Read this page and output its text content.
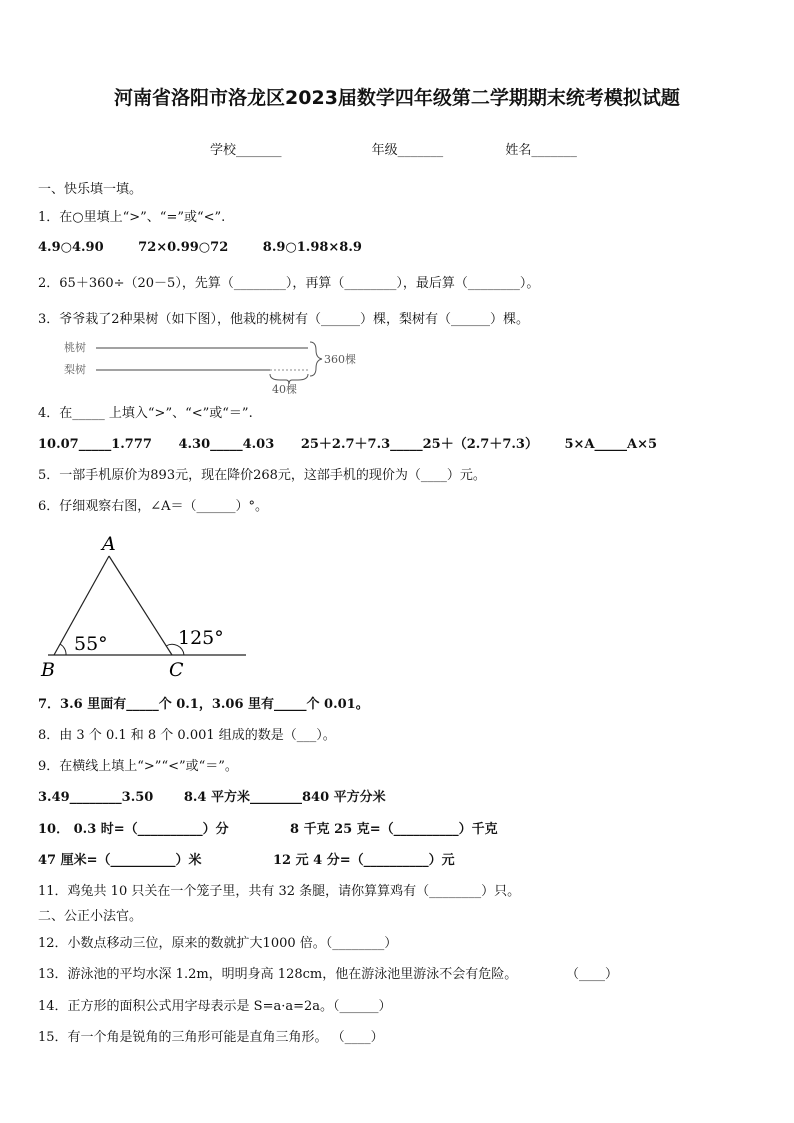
河南省洛阳市洛龙区2023届数学四年级第二学期期末统考模拟试题
学校_______	年级_______	姓名_______
一、快乐填一填。
1．在○里填上“>”、“=”或“<”.
4.9○4.90	72×0.99○72	8.9○1.98×8.9
2．65＋360÷（20－5），先算（________），再算（________），最后算（________）。
3．爷爷栽了2种果树（如下图），他栽的桃树有（______）棵，梨树有（______）棵。
桃树
梨树
360棵
40棵
4．在_____ 上填入“>”、“<”或“＝”.
10.07_____1.777 4.30_____4.03 25＋2.7＋7.3_____25＋（2.7＋7.3） 5×A_____A×5
5．一部手机原价为893元，现在降价268元，这部手机的现价为（____）元。
6．仔细观察右图，∠A＝（______）°。
A
B	C
55°	125°
7．3.6 里面有_____个 0.1，3.06 里有_____个 0.01。
8．由 3 个 0.1 和 8 个 0.001 组成的数是（___）。
9．在横线上填上“>”“<”或“＝”。
3.49________3.50 8.4 平方米________840 平方分米
10． 0.3 时=（__________）分	8 千克 25 克=（__________）千克
47 厘米=（__________）米	12 元 4 分=（__________）元
11．鸡兔共 10 只关在一个笼子里，共有 32 条腿，请你算算鸡有（________）只。
二、公正小法官。
12．小数点移动三位，原来的数就扩大1000 倍。（________）
13．游泳池的平均水深 1.2m，明明身高 128cm，他在游泳池里游泳不会有危险。	（____）
14．正方形的面积公式用字母表示是 S=a·a=2a。（______）
15．有一个角是锐角的三角形可能是直角三角形。 （____）
